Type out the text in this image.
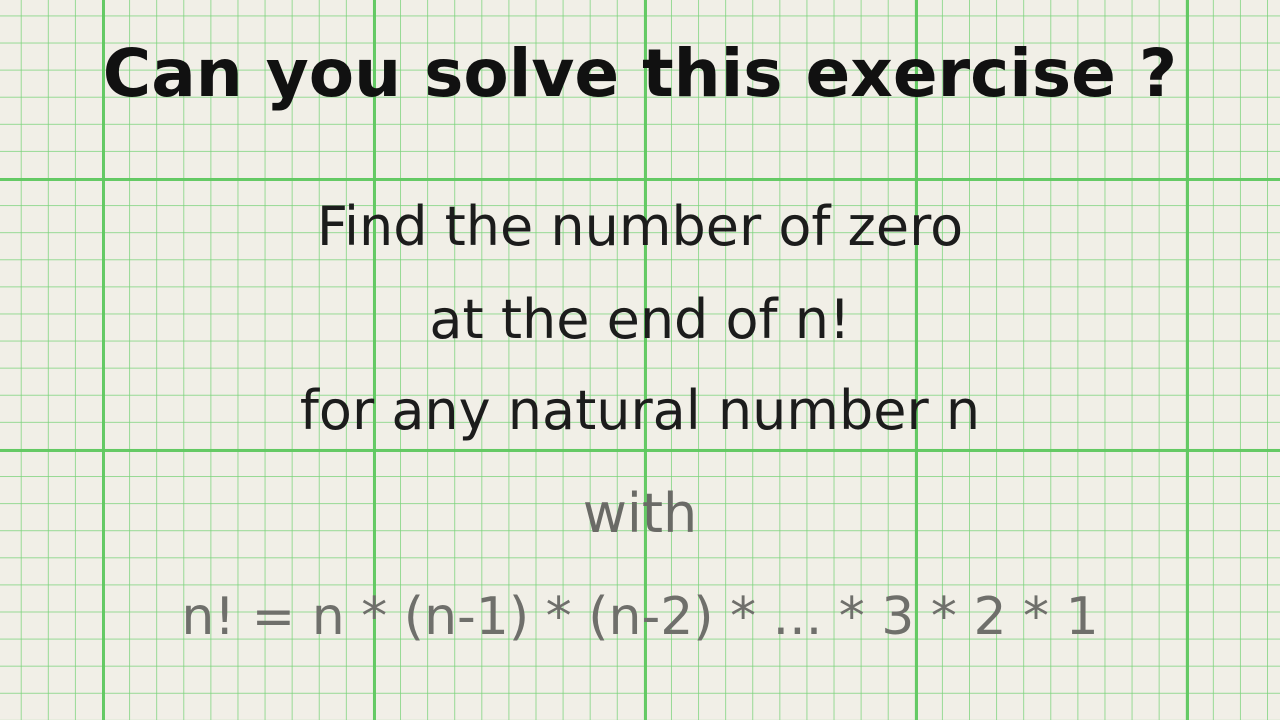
Can you solve this exercise ?
Find the number of zero
at the end of n!
for any natural number n
with
n! = n * (n-1) * (n-2) * ... * 3 * 2 * 1
